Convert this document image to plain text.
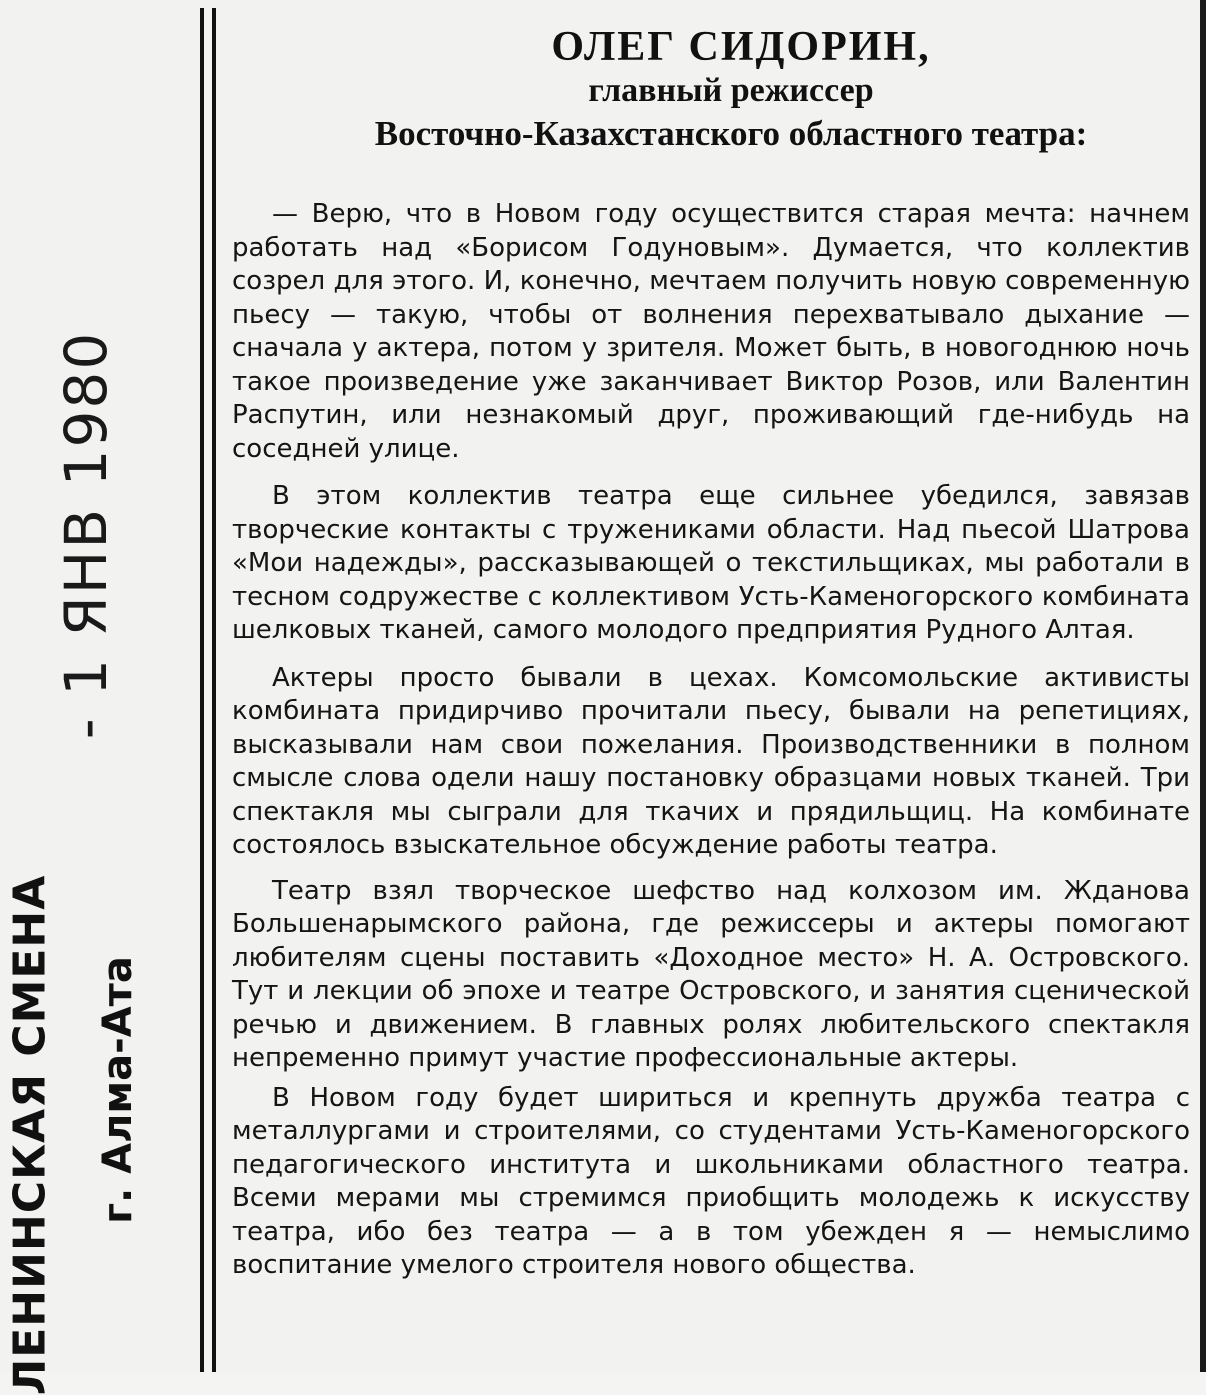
- 1 ЯНВ 1980
ЛЕНИНСКАЯ СМЕНА г. Алма-Ата
ОЛЕГ СИДОРИН,
главный режиссер
Восточно-Казахстанского областного театра:

— Верю, что в Новом году осуществится старая мечта: начнем работать над «Борисом Годуновым». Думается, что коллектив созрел для этого. И, конечно, мечтаем получить новую современную пьесу — такую, чтобы от волнения перехватывало дыхание — сначала у актера, потом у зрителя. Может быть, в новогоднюю ночь такое произведение уже заканчивает Виктор Розов, или Валентин Распутин, или незнакомый друг, проживающий где-нибудь на соседней улице.

В этом коллектив театра еще сильнее убедился, завязав творческие контакты с тружениками области. Над пьесой Шатрова «Мои надежды», рассказывающей о текстильщиках, мы работали в тесном содружестве с коллективом Усть-Каменогорского комбината шелковых тканей, самого молодого предприятия Рудного Алтая.

Актеры просто бывали в цехах. Комсомольские активисты комбината придирчиво прочитали пьесу, бывали на репетициях, высказывали нам свои пожелания. Производственники в полном смысле слова одели нашу постановку образцами новых тканей. Три спектакля мы сыграли для ткачих и прядильщиц. На комбинате состоялось взыскательное обсуждение работы театра.

Театр взял творческое шефство над колхозом им. Жданова Большенарымского района, где режиссеры и актеры помогают любителям сцены поставить «Доходное место» Н. А. Островского. Тут и лекции об эпохе и театре Островского, и занятия сценической речью и движением. В главных ролях любительского спектакля непременно примут участие профессиональные актеры.

В Новом году будет шириться и крепнуть дружба театра с металлургами и строителями, со студентами Усть-Каменогорского педагогического института и школьниками областного театра. Всеми мерами мы стремимся приобщить молодежь к искусству театра, ибо без театра — а в том убежден я — немыслимо воспитание умелого строителя нового общества.
